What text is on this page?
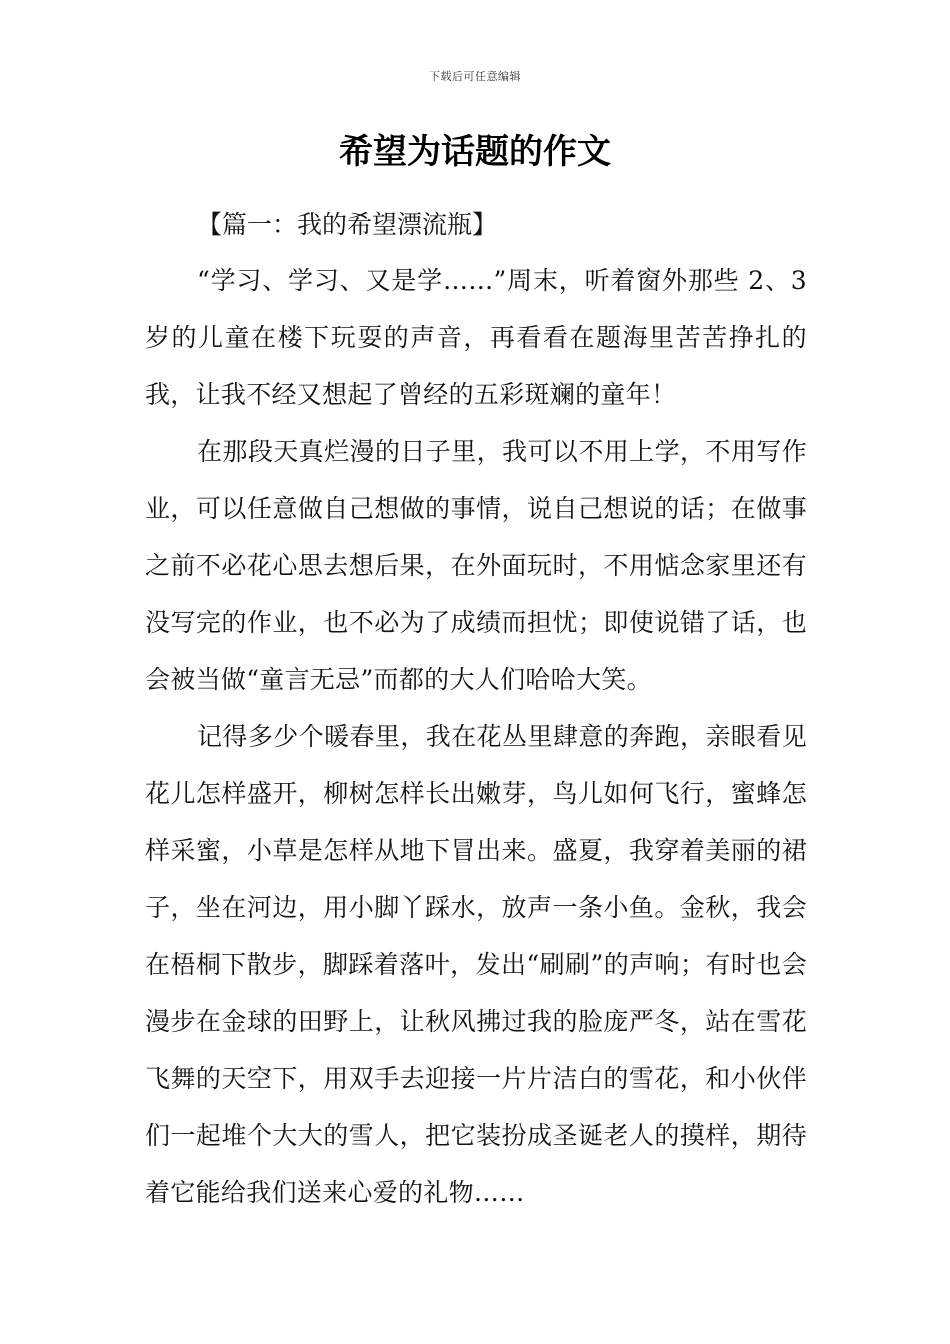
下载后可任意编辑
希望为话题的作文

【篇一：我的希望漂流瓶】

“学习、学习、又是学……”周末，听着窗外那些 2、3 岁的儿童在楼下玩耍的声音，再看看在题海里苦苦挣扎的我，让我不经又想起了曾经的五彩斑斓的童年！

在那段天真烂漫的日子里，我可以不用上学，不用写作业，可以任意做自己想做的事情，说自己想说的话；在做事之前不必花心思去想后果，在外面玩时，不用惦念家里还有没写完的作业，也不必为了成绩而担忧；即使说错了话，也会被当做“童言无忌”而都的大人们哈哈大笑。

记得多少个暖春里，我在花丛里肆意的奔跑，亲眼看见花儿怎样盛开，柳树怎样长出嫩芽，鸟儿如何飞行，蜜蜂怎样采蜜，小草是怎样从地下冒出来。盛夏，我穿着美丽的裙子，坐在河边，用小脚丫踩水，放声一条小鱼。金秋，我会在梧桐下散步，脚踩着落叶，发出“刷刷”的声响；有时也会漫步在金球的田野上，让秋风拂过我的脸庞严冬，站在雪花飞舞的天空下，用双手去迎接一片片洁白的雪花，和小伙伴们一起堆个大大的雪人，把它装扮成圣诞老人的摸样，期待着它能给我们送来心爱的礼物……
